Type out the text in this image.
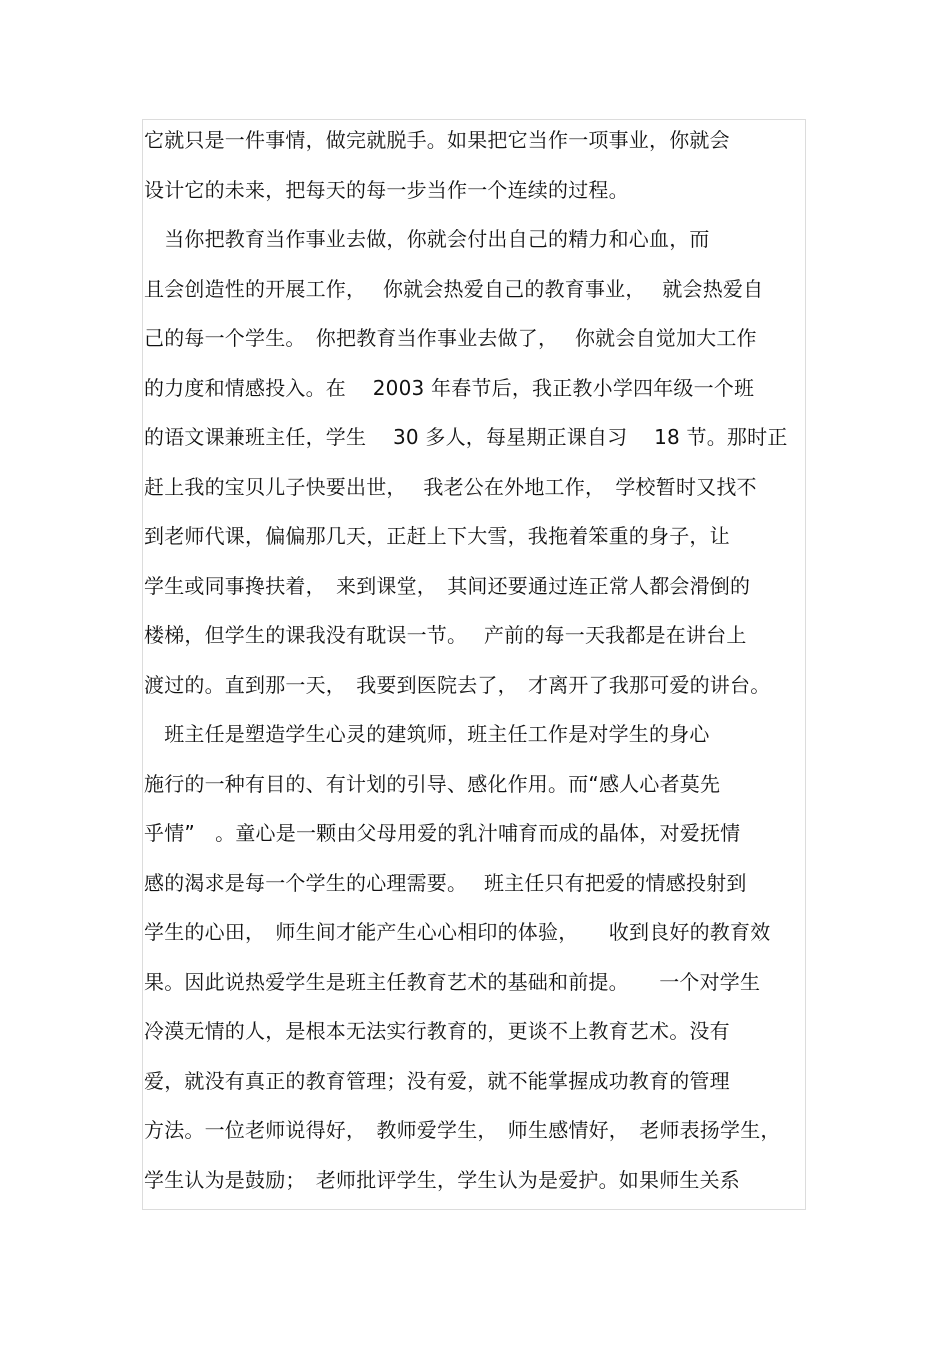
它就只是一件事情，做完就脱手。如果把它当作一项事业，你就会
设计它的未来，把每天的每一步当作一个连续的过程。
　当你把教育当作事业去做，你就会付出自己的精力和心血，而
且会创造性的开展工作，　 你就会热爱自己的教育事业，　 就会热爱自
己的每一个学生。　你把教育当作事业去做了，　 你就会自觉加大工作
的力度和情感投入。在　 2003 年春节后，我正教小学四年级一个班
的语文课兼班主任，学生　 30 多人，每星期正课自习　 18 节。那时正
赶上我的宝贝儿子快要出世，　 我老公在外地工作，　学校暂时又找不
到老师代课，偏偏那几天，正赶上下大雪，我拖着笨重的身子，让
学生或同事搀扶着，　来到课堂，　其间还要通过连正常人都会滑倒的
楼梯，但学生的课我没有耽误一节。　 产前的每一天我都是在讲台上
渡过的。直到那一天，　我要到医院去了，　才离开了我那可爱的讲台。
　班主任是塑造学生心灵的建筑师，班主任工作是对学生的身心
施行的一种有目的、有计划的引导、感化作用。而“感人心者莫先
乎情”　。童心是一颗由父母用爱的乳汁哺育而成的晶体，对爱抚情
感的渴求是每一个学生的心理需要。　 班主任只有把爱的情感投射到
学生的心田，　师生间才能产生心心相印的体验，　　收到良好的教育效
果。因此说热爱学生是班主任教育艺术的基础和前提。　　一个对学生
冷漠无情的人，是根本无法实行教育的，更谈不上教育艺术。没有
爱，就没有真正的教育管理；没有爱，就不能掌握成功教育的管理
方法。一位老师说得好，　教师爱学生，　师生感情好，　老师表扬学生，
学生认为是鼓励；　老师批评学生，学生认为是爱护。如果师生关系
